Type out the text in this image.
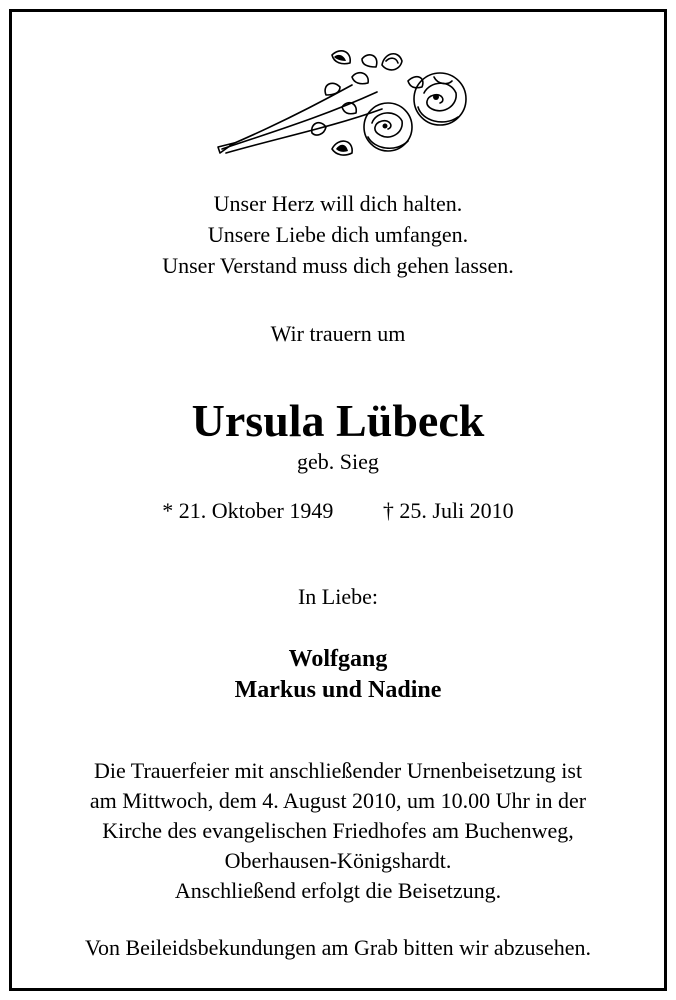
Unser Herz will dich halten.
Unsere Liebe dich umfangen.
Unser Verstand muss dich gehen lassen.
Wir trauern um
Ursula Lübeck
geb. Sieg
* 21. Oktober 1949 † 25. Juli 2010
In Liebe:
Wolfgang
Markus und Nadine
Die Trauerfeier mit anschließender Urnenbeisetzung ist
am Mittwoch, dem 4. August 2010, um 10.00 Uhr in der
Kirche des evangelischen Friedhofes am Buchenweg,
Oberhausen-Königshardt.
Anschließend erfolgt die Beisetzung.
Von Beileidsbekundungen am Grab bitten wir abzusehen.
